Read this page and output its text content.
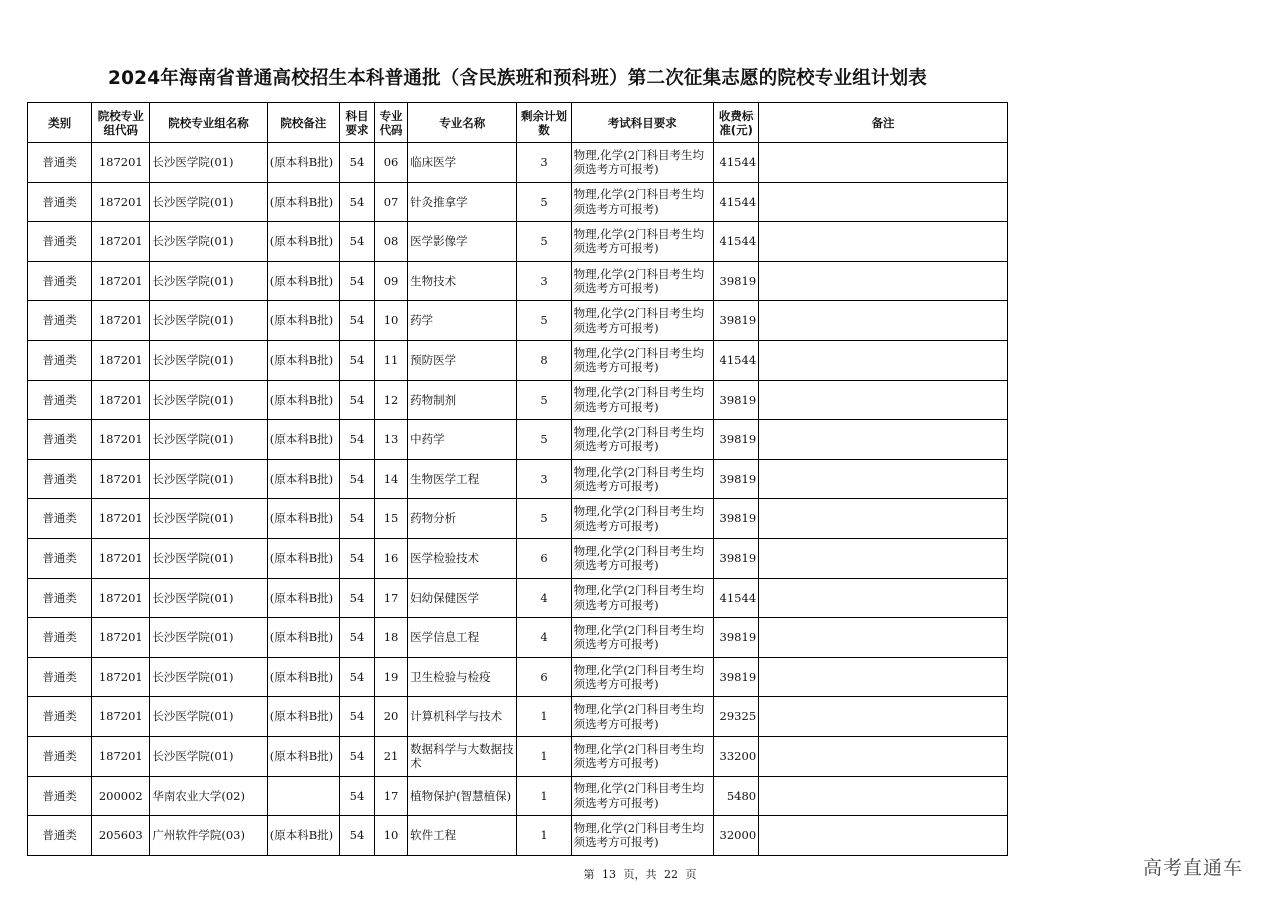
2024年海南省普通高校招生本科普通批（含民族班和预科班）第二次征集志愿的院校专业组计划表
类别	院校专业组代码	院校专业组名称	院校备注	科目要求	专业代码	专业名称	剩余计划数	考试科目要求	收费标准(元)	备注
普通类	187201	长沙医学院(01)	(原本科B批)	54	06	临床医学	3	物理,化学(2门科目考生均须选考方可报考)	41544	
普通类	187201	长沙医学院(01)	(原本科B批)	54	07	针灸推拿学	5	物理,化学(2门科目考生均须选考方可报考)	41544	
普通类	187201	长沙医学院(01)	(原本科B批)	54	08	医学影像学	5	物理,化学(2门科目考生均须选考方可报考)	41544	
普通类	187201	长沙医学院(01)	(原本科B批)	54	09	生物技术	3	物理,化学(2门科目考生均须选考方可报考)	39819	
普通类	187201	长沙医学院(01)	(原本科B批)	54	10	药学	5	物理,化学(2门科目考生均须选考方可报考)	39819	
普通类	187201	长沙医学院(01)	(原本科B批)	54	11	预防医学	8	物理,化学(2门科目考生均须选考方可报考)	41544	
普通类	187201	长沙医学院(01)	(原本科B批)	54	12	药物制剂	5	物理,化学(2门科目考生均须选考方可报考)	39819	
普通类	187201	长沙医学院(01)	(原本科B批)	54	13	中药学	5	物理,化学(2门科目考生均须选考方可报考)	39819	
普通类	187201	长沙医学院(01)	(原本科B批)	54	14	生物医学工程	3	物理,化学(2门科目考生均须选考方可报考)	39819	
普通类	187201	长沙医学院(01)	(原本科B批)	54	15	药物分析	5	物理,化学(2门科目考生均须选考方可报考)	39819	
普通类	187201	长沙医学院(01)	(原本科B批)	54	16	医学检验技术	6	物理,化学(2门科目考生均须选考方可报考)	39819	
普通类	187201	长沙医学院(01)	(原本科B批)	54	17	妇幼保健医学	4	物理,化学(2门科目考生均须选考方可报考)	41544	
普通类	187201	长沙医学院(01)	(原本科B批)	54	18	医学信息工程	4	物理,化学(2门科目考生均须选考方可报考)	39819	
普通类	187201	长沙医学院(01)	(原本科B批)	54	19	卫生检验与检疫	6	物理,化学(2门科目考生均须选考方可报考)	39819	
普通类	187201	长沙医学院(01)	(原本科B批)	54	20	计算机科学与技术	1	物理,化学(2门科目考生均须选考方可报考)	29325	
普通类	187201	长沙医学院(01)	(原本科B批)	54	21	数据科学与大数据技术	1	物理,化学(2门科目考生均须选考方可报考)	33200	
普通类	200002	华南农业大学(02)		54	17	植物保护(智慧植保)	1	物理,化学(2门科目考生均须选考方可报考)	5480	
普通类	205603	广州软件学院(03)	(原本科B批)	54	10	软件工程	1	物理,化学(2门科目考生均须选考方可报考)	32000	
第 13 页，共 22 页	高考直通车
